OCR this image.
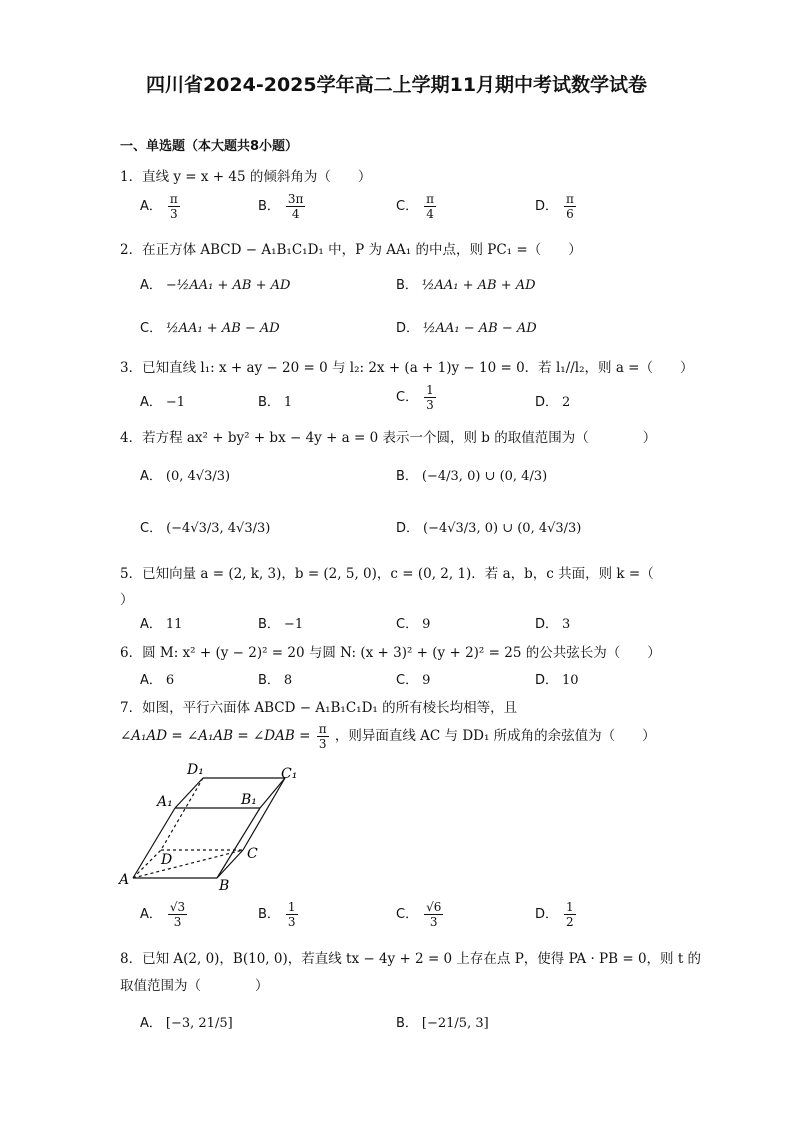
四川省2024-2025学年高二上学期11月期中考试数学试卷
一、单选题（本大题共8小题）
1．直线 y = x + 45 的倾斜角为（　　）
A． $\frac{\pi}{3}$	B． $\frac{3\pi}{4}$	C． $\frac{\pi}{4}$	D． $\frac{\pi}{6}$
2．在正方体 ABCD − A₁B₁C₁D₁ 中，P 为 AA₁ 的中点，则 PC₁ =（　　）
A． −½AA₁ + AB + AD	B． ½AA₁ + AB + AD
C． ½AA₁ + AB − AD	D． ½AA₁ − AB − AD
3．已知直线 l₁: x + ay − 20 = 0 与 l₂: 2x + (a + 1)y − 10 = 0．若 l₁//l₂，则 a =（　　）
A． −1	B． 1	C． $\frac{1}{3}$	D． 2
4．若方程 ax² + by² + bx − 4y + a = 0 表示一个圆，则 b 的取值范围为（　　　　）
A． (0, 4√3/3)	B． (−4/3, 0) ∪ (0, 4/3)
C． (−4√3/3, 4√3/3)	D． (−4√3/3, 0) ∪ (0, 4√3/3)
5．已知向量 a = (2, k, 3)，b = (2, 5, 0)，c = (0, 2, 1)．若 a，b，c 共面，则 k =（
）
A． 11	B． −1	C． 9	D． 3
6．圆 M: x² + (y − 2)² = 20 与圆 N: (x + 3)² + (y + 2)² = 25 的公共弦长为（　　）
A． 6	B． 8	C． 9	D． 10
7．如图，平行六面体 ABCD − A₁B₁C₁D₁ 的所有棱长均相等，且
∠A₁AD = ∠A₁AB = ∠DAB = $\frac{\pi}{3}$ ，则异面直线 AC 与 DD₁ 所成角的余弦值为（　　）
D₁	C₁
A₁	B₁
D	C
A	B
A． $\frac{√3}{3}$	B． $\frac{1}{3}$	C． $\frac{√6}{3}$	D． $\frac{1}{2}$
8．已知 A(2, 0)，B(10, 0)，若直线 tx − 4y + 2 = 0 上存在点 P，使得 PA · PB = 0，则 t 的
取值范围为（　　　　）
A． [−3, 21/5]	B． [−21/5, 3]
